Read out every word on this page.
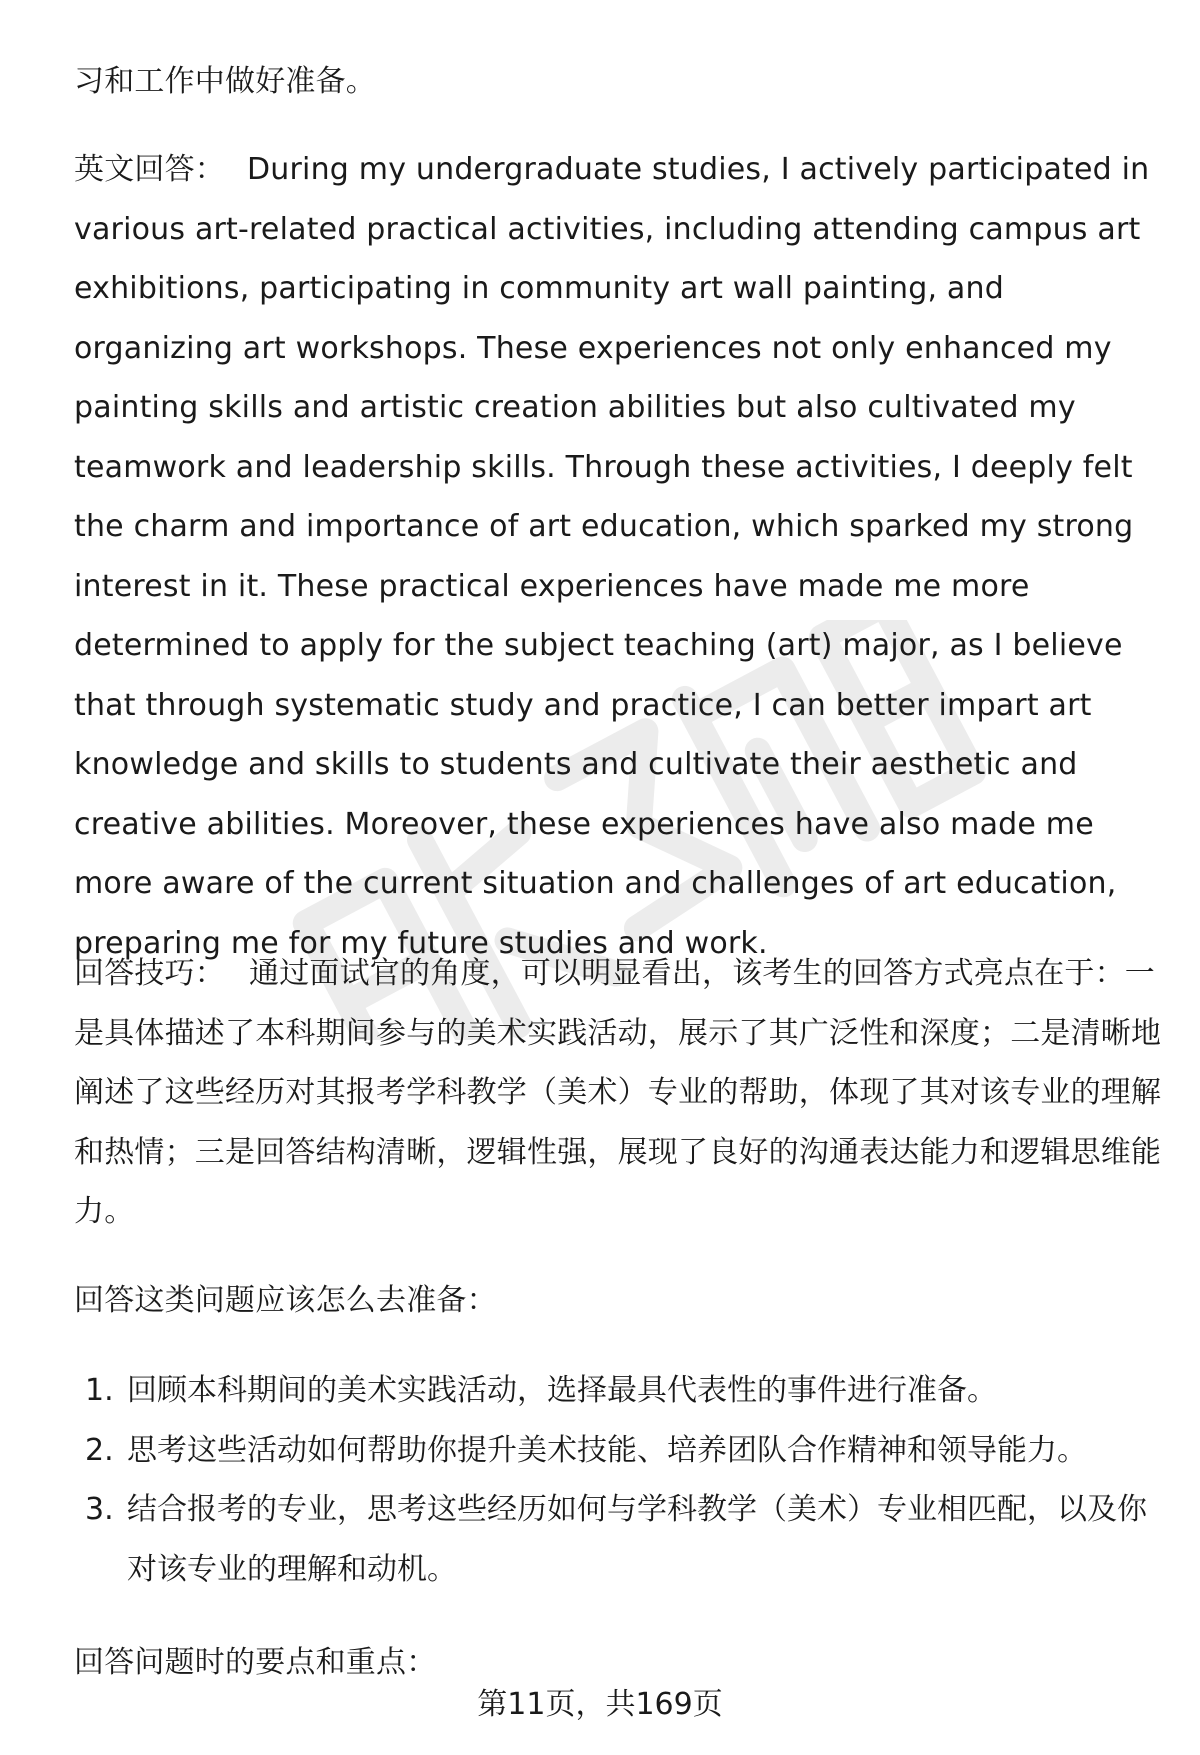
习和工作中做好准备。

英文回答： During my undergraduate studies, I actively participated in various art-related practical activities, including attending campus art exhibitions, participating in community art wall painting, and organizing art workshops. These experiences not only enhanced my painting skills and artistic creation abilities but also cultivated my teamwork and leadership skills. Through these activities, I deeply felt the charm and importance of art education, which sparked my strong interest in it. These practical experiences have made me more determined to apply for the subject teaching (art) major, as I believe that through systematic study and practice, I can better impart art knowledge and skills to students and cultivate their aesthetic and creative abilities. Moreover, these experiences have also made me more aware of the current situation and challenges of art education, preparing me for my future studies and work.

回答技巧： 通过面试官的角度，可以明显看出，该考生的回答方式亮点在于：一是具体描述了本科期间参与的美术实践活动，展示了其广泛性和深度；二是清晰地阐述了这些经历对其报考学科教学（美术）专业的帮助，体现了其对该专业的理解和热情；三是回答结构清晰，逻辑性强，展现了良好的沟通表达能力和逻辑思维能力。

回答这类问题应该怎么去准备：

1. 回顾本科期间的美术实践活动，选择最具代表性的事件进行准备。
2. 思考这些活动如何帮助你提升美术技能、培养团队合作精神和领导能力。
3. 结合报考的专业，思考这些经历如何与学科教学（美术）专业相匹配，以及你对该专业的理解和动机。

回答问题时的要点和重点：

第11页，共169页
